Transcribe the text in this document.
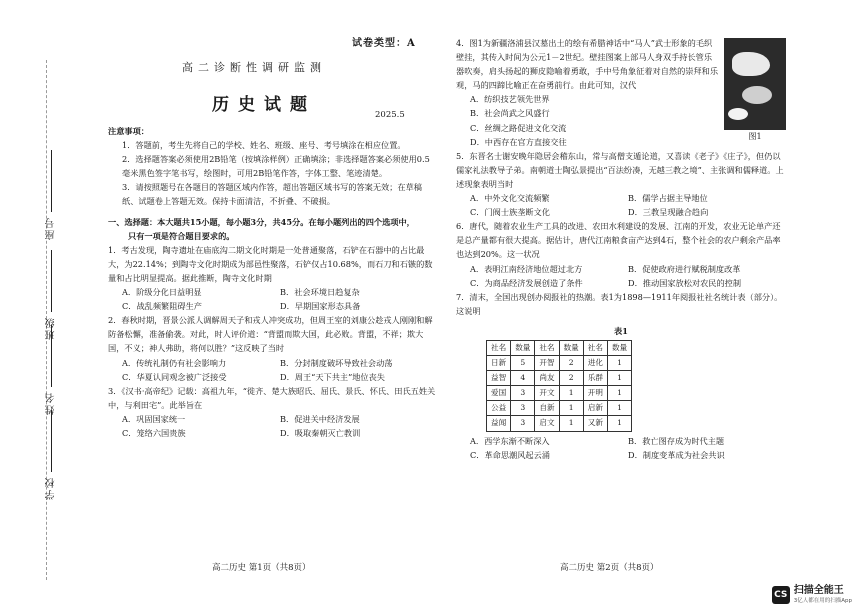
座号
班级
姓名
学校
试卷类型：A
高二诊断性调研监测
历史试题	2025.5
注意事项：
1．答题前，考生先将自己的学校、姓名、班级、座号、考号填涂在相应位置。
2．选择题答案必须使用2B铅笔（按填涂样例）正确填涂；非选择题答案必须使用0.5毫米黑色签字笔书写，绘图时，可用2B铅笔作答，字体工整、笔迹清楚。
3．请按照题号在各题目的答题区域内作答，超出答题区域书写的答案无效；在草稿纸、试题卷上答题无效。保持卡面清洁，不折叠、不破损。
一、选择题：本大题共15小题，每小题3分，共45分。在每小题列出的四个选项中，
只有一项是符合题目要求的。
1．考古发现，陶寺遗址在庙底沟二期文化时期是一处普通聚落，石铲在石器中的占比最大，为22.14%；到陶寺文化时期成为部邑性聚落，石铲仅占10.68%，而石刀和石镞的数量和占比明显提高。据此推断，陶寺文化时期
A．阶级分化日益明显	B．社会环境日趋复杂
C．战乱频繁阻碍生产	D．早期国家形态具备
2．春秋时期，晋景公派人调解周天子和戎人冲突成功，但周王室的刘康公趁戎人刚刚和解防备松懈，准备偷袭。对此，时人评价道：“背盟而欺大国，此必败。背盟，不祥；欺大国，不义；神人弗助，将何以胜？”这反映了当时
A．传统礼制仍有社会影响力	B．分封制度破坏导致社会动荡
C．华夏认同观念被广泛接受	D．周王“天下共主”地位丧失
3．《汉书·高帝纪》记载：高祖九年，“徙齐、楚大族昭氏、屈氏、景氏、怀氏、田氏五姓关中，与利田宅”。此举旨在
A．巩固国家统一	B．促进关中经济发展
C．笼络六国贵族	D．吸取秦朝灭亡教训
4．图1为新疆洛浦县汉墓出土的绘有希腊神话中“马人”武士形象的毛织壁挂，其传入时间为公元1－2世纪。壁挂图案上部马人身双手持长管乐器吹奏，肩头扬起的狮皮隐喻着勇敢，手中号角象征着对自然的崇拜和乐观，马的四蹄比喻正在奋勇前行。由此可知，汉代
A．纺织技艺领先世界
B．社会尚武之风盛行
C．丝绸之路促进文化交流
D．中西存在官方直接交往
图1
5．东晋名士谢安晚年隐居会稽东山，常与高僧支遁论道，又喜读《老子》《庄子》，但仍以儒家礼法教导子弟。南朝道士陶弘景提出“百法纷凑，无越三教之境”、主张调和儒释道。上述现象表明当时
A．中外文化交流频繁	B．儒学占据主导地位
C．门阀士族垄断文化	D．三教呈现融合趋向
6．唐代，随着农业生产工具的改进、农田水利建设的发展、江南的开发，农业无论单产还是总产量都有很大提高。据估计，唐代江南粮食亩产达到4石，整个社会的农户剩余产品率也达到20%。这一状况
A．表明江南经济地位超过北方	B．促使政府进行赋税制度改革
C．为商品经济发展创造了条件	D．推动国家放松对农民的控制
7．清末，全国出现创办阅报社的热潮。表1为1898—1911年阅报社社名统计表（部分）。这说明
表1
社名	数量	社名	数量	社名	数量
日新	5	开智	2	进化	1
益智	4	尚友	2	乐群	1
爱国	3	开文	1	开明	1
公益	3	自新	1	启新	1
益闻	3	启文	1	又新	1
A．西学东渐不断深入	B．救亡图存成为时代主题
C．革命思潮风起云涌	D．制度变革成为社会共识
高二历史 第1页（共8页）	高二历史 第2页（共8页）
CS 扫描全能王
3亿人都在用的扫描App
